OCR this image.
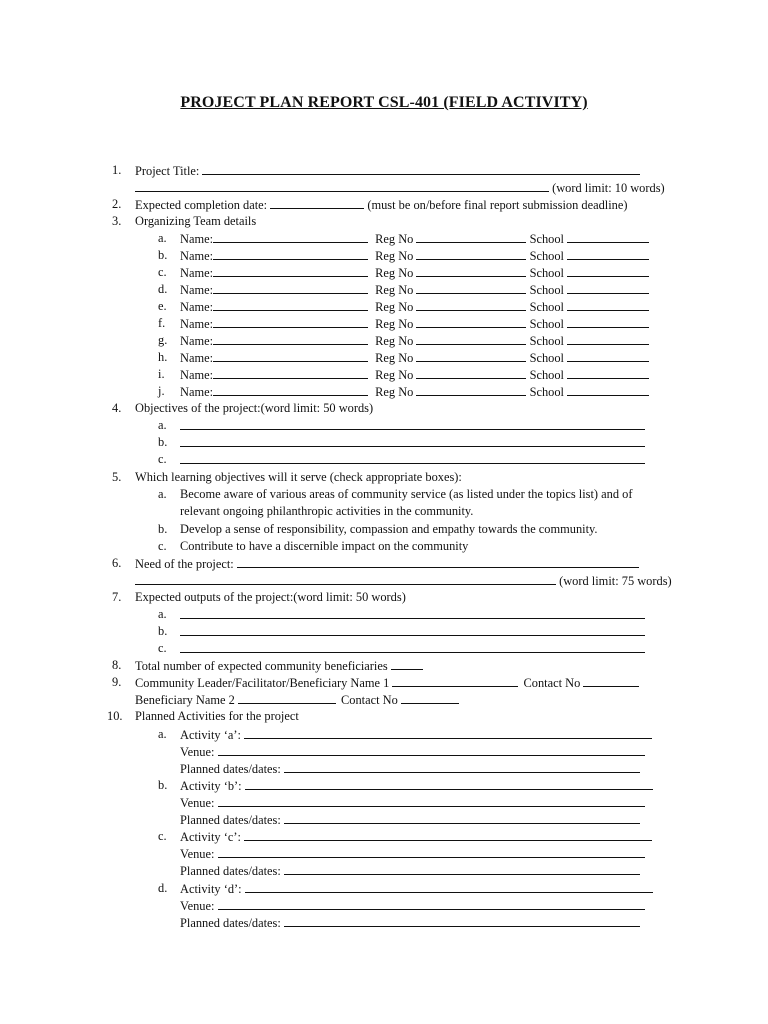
PROJECT PLAN REPORT CSL-401 (FIELD ACTIVITY)
1. Project Title:
(word limit: 10 words)
2. Expected completion date:	(must be on/before final report submission deadline)
3. Organizing Team details
a. Name:	Reg No	School
b. Name:	Reg No	School
c. Name:	Reg No	School
d. Name:	Reg No	School
e. Name:	Reg No	School
f. Name:	Reg No	School
g. Name:	Reg No	School
h. Name:	Reg No	School
i. Name:	Reg No	School
j. Name:	Reg No	School
4. Objectives of the project:(word limit: 50 words)
a.
b.
c.
5. Which learning objectives will it serve (check appropriate boxes):
a. Become aware of various areas of community service (as listed under the topics list) and of
relevant ongoing philanthropic activities in the community.
b. Develop a sense of responsibility, compassion and empathy towards the community.
c. Contribute to have a discernible impact on the community
6. Need of the project:
(word limit: 75 words)
7. Expected outputs of the project:(word limit: 50 words)
a.
b.
c.
8. Total number of expected community beneficiaries
9. Community Leader/Facilitator/Beneficiary Name 1	Contact No
Beneficiary Name 2	Contact No
10. Planned Activities for the project
a. Activity ‘a’:
Venue:
Planned dates/dates:
b. Activity ‘b’:
Venue:
Planned dates/dates:
c. Activity ‘c’:
Venue:
Planned dates/dates:
d. Activity ‘d’:
Venue:
Planned dates/dates:
